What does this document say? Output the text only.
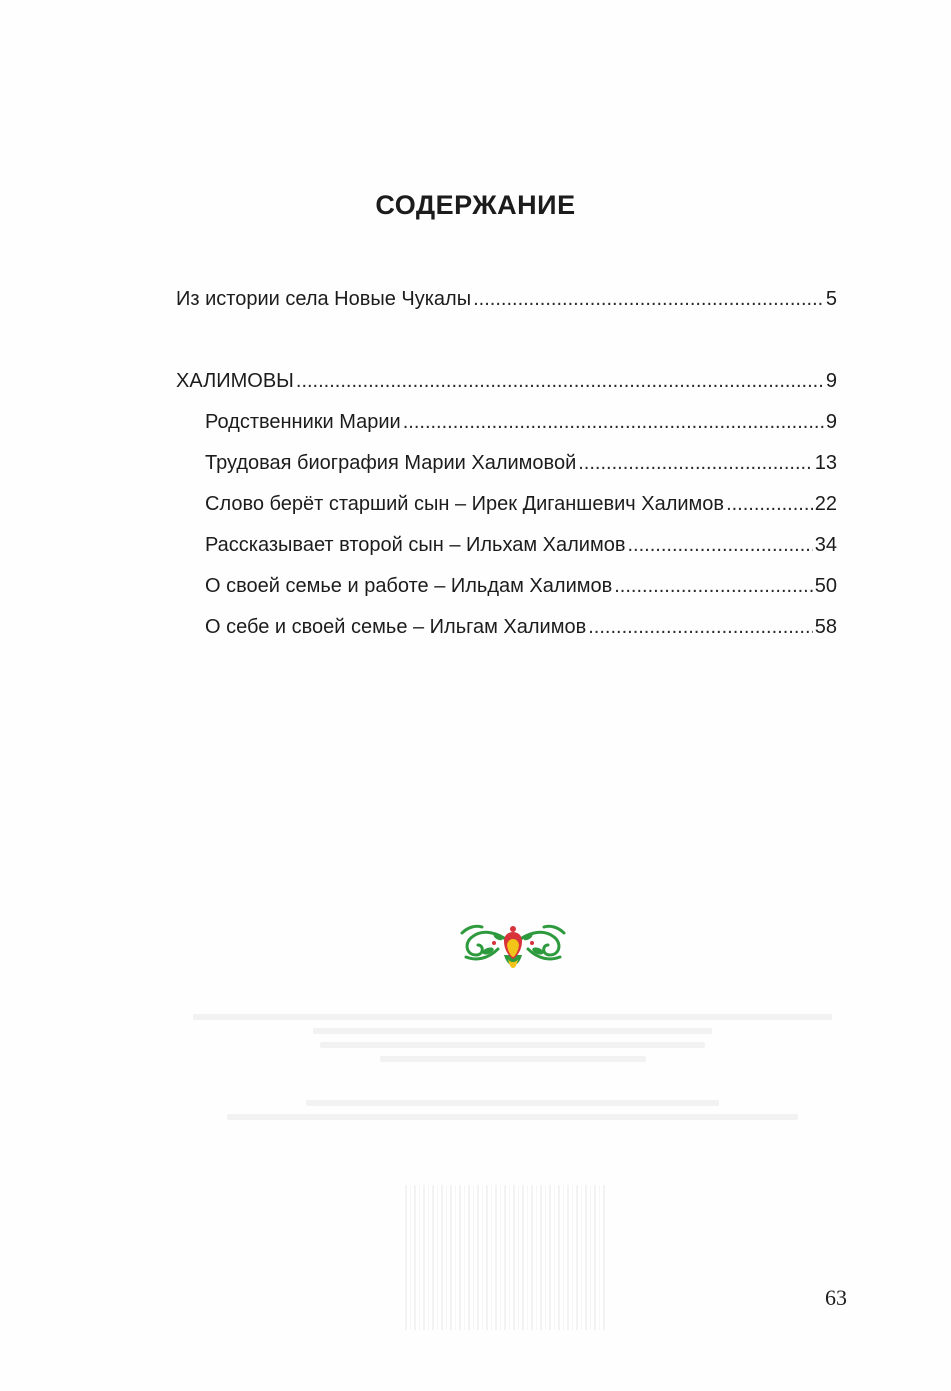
СОДЕРЖАНИЕ
Из истории села Новые Чукалы .....	5
ХАЛИМОВЫ .....	9
Родственники Марии .....	9
Трудовая биография Марии Халимовой .....	13
Слово берёт старший сын – Ирек Диганшевич Халимов .....	22
Рассказывает второй сын – Ильхам Халимов .....	34
О своей семье и работе – Ильдам Халимов .....	50
О себе и своей семье – Ильгам Халимов .....	58
63
